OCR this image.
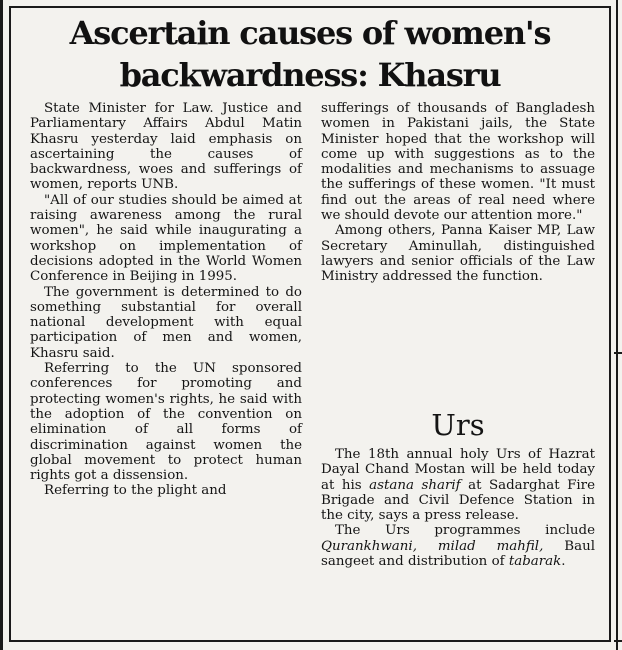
Ascertain causes of women's backwardness: Khasru

State Minister for Law. Justice and Parliamentary Affairs Abdul Matin Khasru yesterday laid emphasis on ascertaining the causes of backwardness, woes and sufferings of women, reports UNB.

"All of our studies should be aimed at raising awareness among the rural women", he said while inaugurating a workshop on implementation of decisions adopted in the World Women Conference in Beijing in 1995.

The government is determined to do something substantial for overall national development with equal participation of men and women, Khasru said.

Referring to the UN sponsored conferences for promoting and protecting women's rights, he said with the adoption of the convention on elimination of all forms of discrimination against women the global movement to protect human rights got a dissension.

Referring to the plight and

sufferings of thousands of Bangladesh women in Pakistani jails, the State Minister hoped that the workshop will come up with suggestions as to the modalities and mechanisms to assuage the sufferings of these women. "It must find out the areas of real need where we should devote our attention more."

Among others, Panna Kaiser MP, Law Secretary Aminullah, distinguished lawyers and senior officials of the Law Ministry addressed the function.

Urs

The 18th annual holy Urs of Hazrat Dayal Chand Mostan will be held today at his astana sharif at Sadarghat Fire Brigade and Civil Defence Station in the city, says a press release.

The Urs programmes include Qurankhwani, milad mahfil, Baul sangeet and distribution of tabarak.
